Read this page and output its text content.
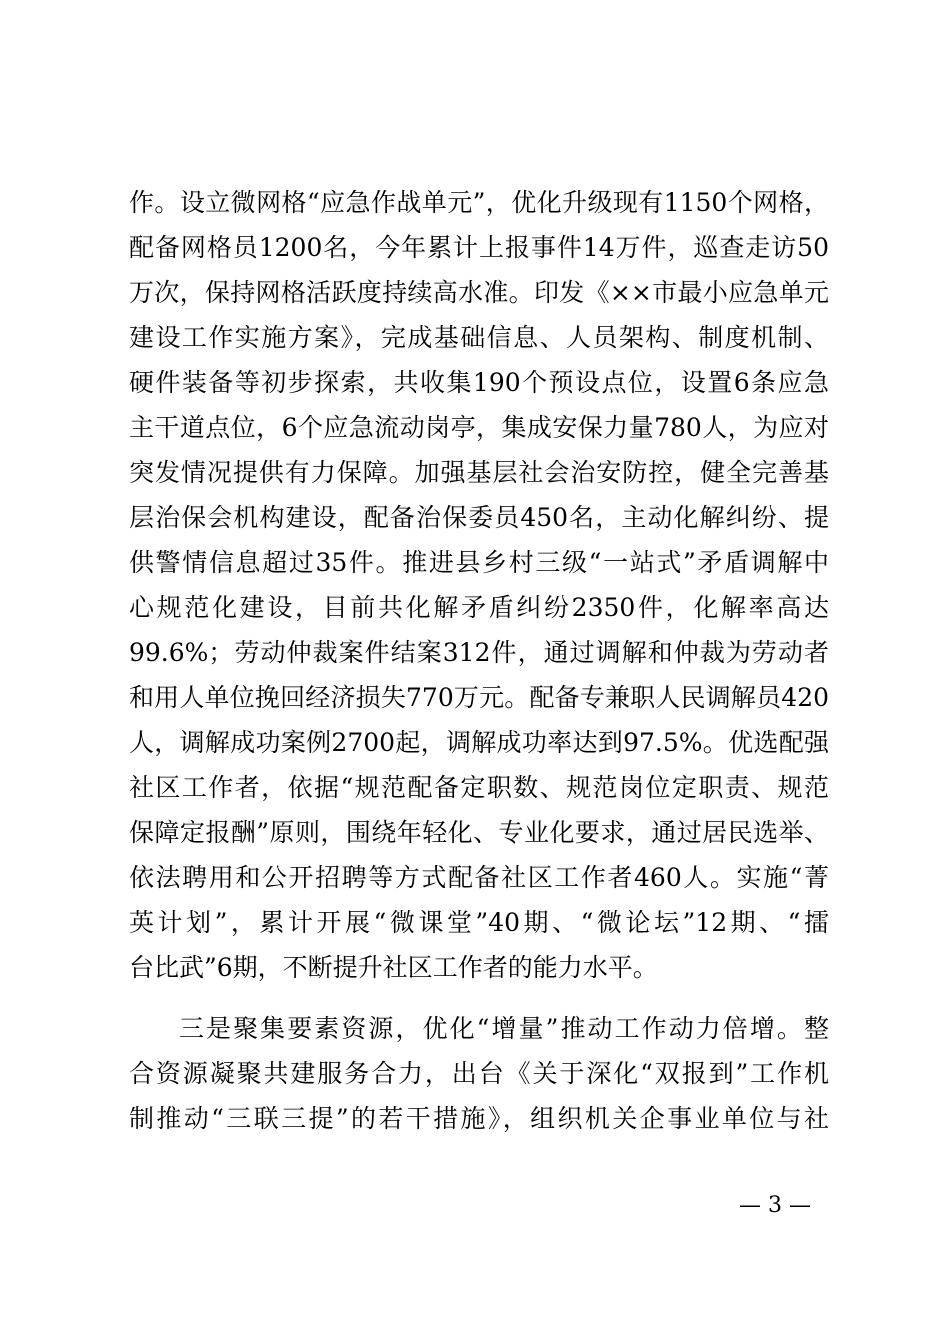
作。设立微网格“应急作战单元”，优化升级现有1150个网格，
配备网格员1200名，今年累计上报事件14万件，巡查走访50
万次，保持网格活跃度持续高水准。印发《××市最小应急单元
建设工作实施方案》，完成基础信息、人员架构、制度机制、
硬件装备等初步探索，共收集190个预设点位，设置6条应急
主干道点位，6个应急流动岗亭，集成安保力量780人，为应对
突发情况提供有力保障。加强基层社会治安防控，健全完善基
层治保会机构建设，配备治保委员450名，主动化解纠纷、提
供警情信息超过35件。推进县乡村三级“一站式”矛盾调解中
心规范化建设，目前共化解矛盾纠纷2350件，化解率高达
99.6%；劳动仲裁案件结案312件，通过调解和仲裁为劳动者
和用人单位挽回经济损失770万元。配备专兼职人民调解员420
人，调解成功案例2700起，调解成功率达到97.5%。优选配强
社区工作者，依据“规范配备定职数、规范岗位定职责、规范
保障定报酬”原则，围绕年轻化、专业化要求，通过居民选举、
依法聘用和公开招聘等方式配备社区工作者460人。实施“菁
英计划”，累计开展“微课堂”40期、“微论坛”12期、“擂
台比武”6期，不断提升社区工作者的能力水平。
三是聚集要素资源，优化“增量”推动工作动力倍增。整
合资源凝聚共建服务合力，出台《关于深化“双报到”工作机
制推动“三联三提”的若干措施》，组织机关企事业单位与社
— 3 —
